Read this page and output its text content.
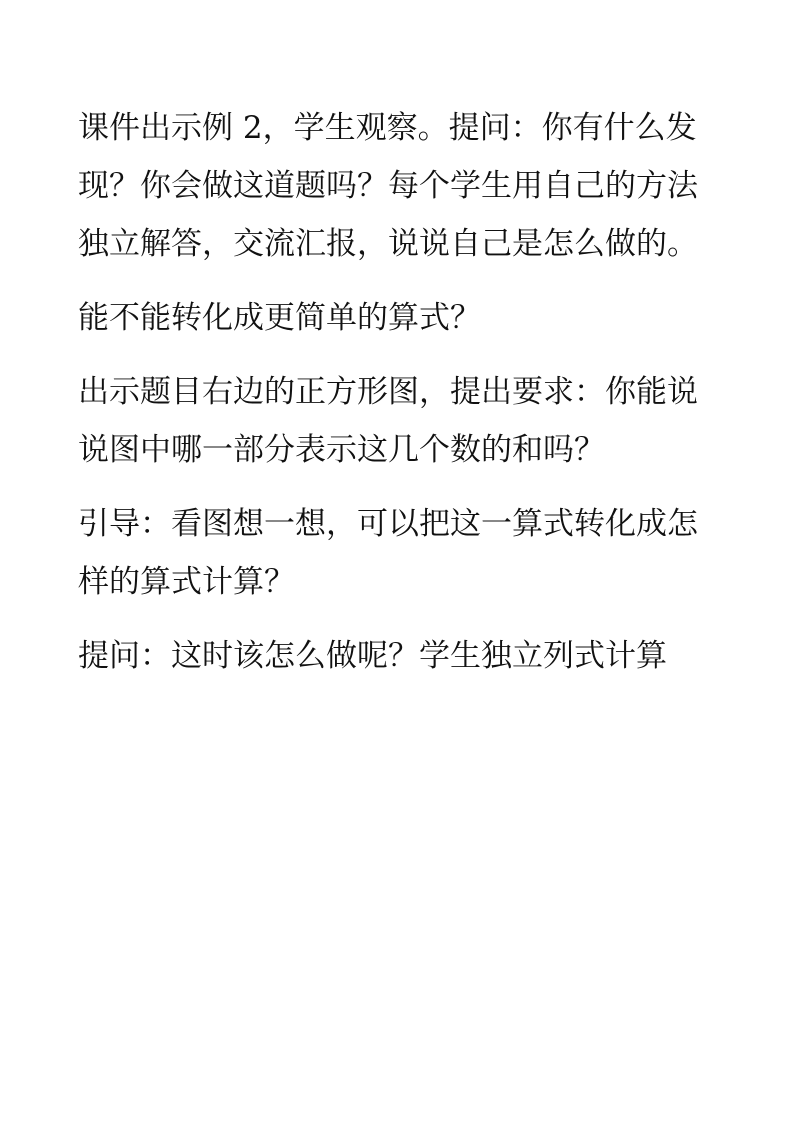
课件出示例 2，学生观察。提问：你有什么发现？你会做这道题吗？每个学生用自己的方法独立解答，交流汇报，说说自己是怎么做的。

能不能转化成更简单的算式？

出示题目右边的正方形图，提出要求：你能说说图中哪一部分表示这几个数的和吗？

引导：看图想一想，可以把这一算式转化成怎样的算式计算？

提问：这时该怎么做呢？学生独立列式计算
